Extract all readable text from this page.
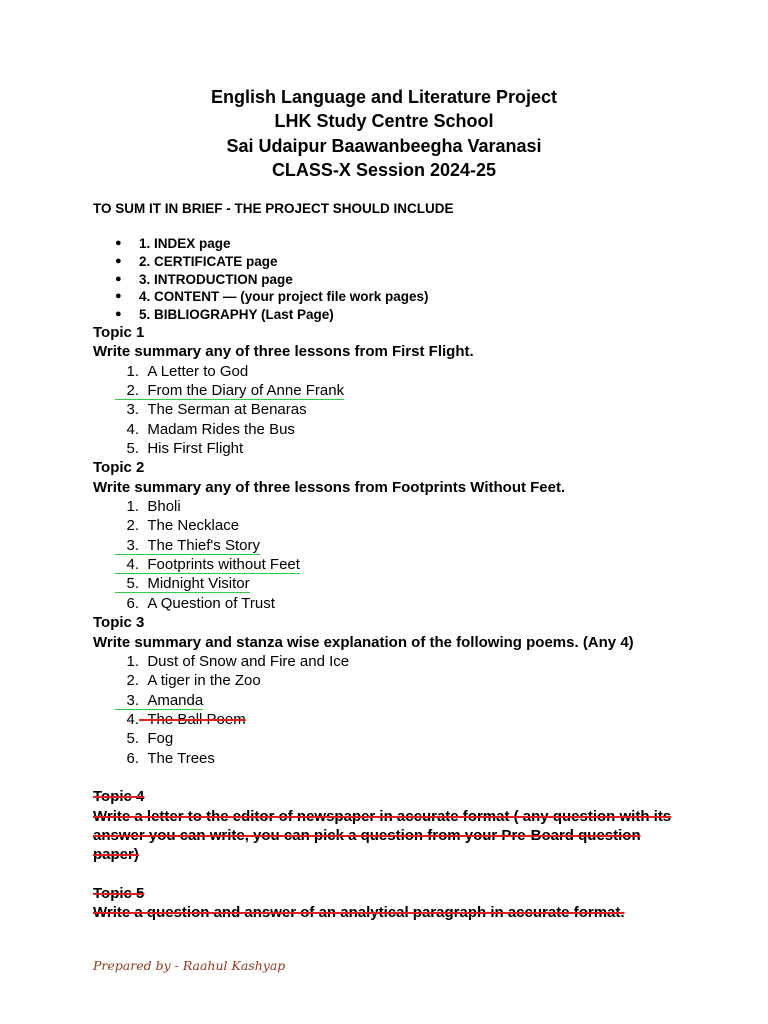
English Language and Literature Project

LHK Study Centre School

Sai Udaipur Baawanbeegha Varanasi

CLASS-X Session 2024-25

TO SUM IT IN BRIEF - THE PROJECT SHOULD INCLUDE

● 1. INDEX page
● 2. CERTIFICATE page
● 3. INTRODUCTION page
● 4. CONTENT — (your project file work pages)
● 5. BIBLIOGRAPHY (Last Page)
Topic 1
Write summary any of three lessons from First Flight.
1. A Letter to God
2. From the Diary of Anne Frank
3. The Serman at Benaras
4. Madam Rides the Bus
5. His First Flight
Topic 2
Write summary any of three lessons from Footprints Without Feet.
1. Bholi
2. The Necklace
3. The Thief's Story
4. Footprints without Feet
5. Midnight Visitor
6. A Question of Trust
Topic 3
Write summary and stanza wise explanation of the following poems. (Any 4)
1. Dust of Snow and Fire and Ice
2. A tiger in the Zoo
3. Amanda
4. The Ball Poem
5. Fog
6. The Trees
Topic 4
Write a letter to the editor of newspaper in accurate format ( any question with its answer you can write, you can pick a question from your Pre-Board question paper)
Topic 5
Write a question and answer of an analytical paragraph in accurate format.
Prepared by - Raahul Kashyap
